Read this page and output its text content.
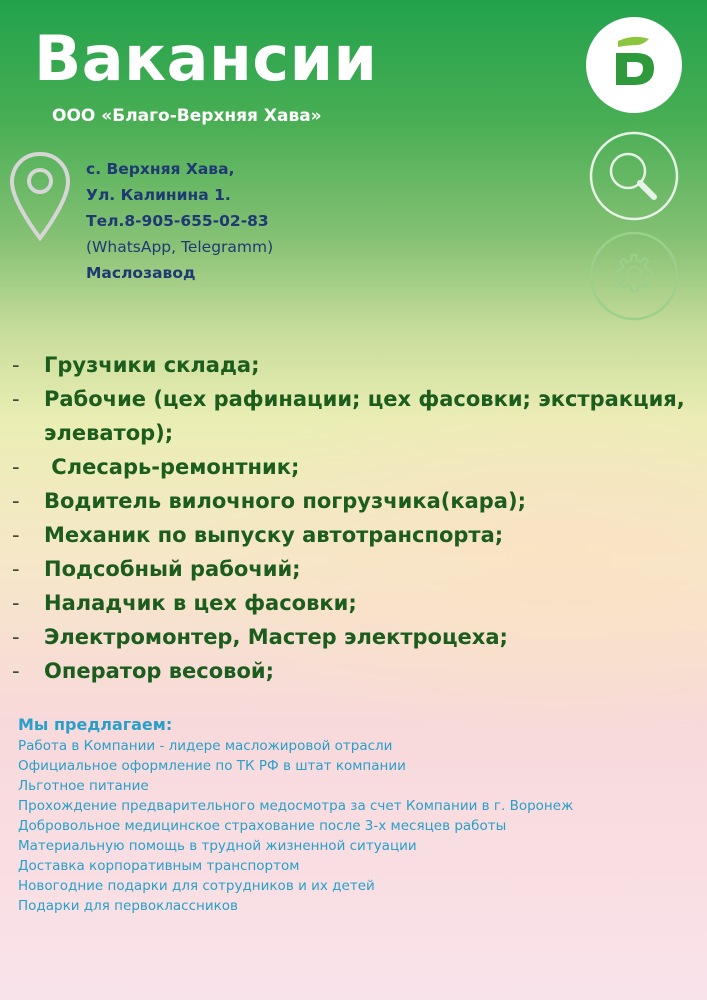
Вакансии
ООО «Благо-Верхняя Хава»
с. Верхняя Хава,
Ул. Калинина 1.
Тел.8-905-655-02-83
(WhatsApp, Telegramm)
Маслозавод
- Грузчики склада;
- Рабочие (цех рафинации; цех фасовки; экстракция, элеватор);
- Слесарь-ремонтник;
- Водитель вилочного погрузчика(кара);
- Механик по выпуску автотранспорта;
- Подсобный рабочий;
- Наладчик в цех фасовки;
- Электромонтер, Мастер электроцеха;
- Оператор весовой;
Мы предлагаем:
Работа в Компании - лидере масложировой отрасли
Официальное оформление по ТК РФ в штат компании
Льготное питание
Прохождение предварительного медосмотра за счет Компании в г. Воронеж
Добровольное медицинское страхование после 3-х месяцев работы
Материальную помощь в трудной жизненной ситуации
Доставка корпоративным транспортом
Новогодние подарки для сотрудников и их детей
Подарки для первоклассников
